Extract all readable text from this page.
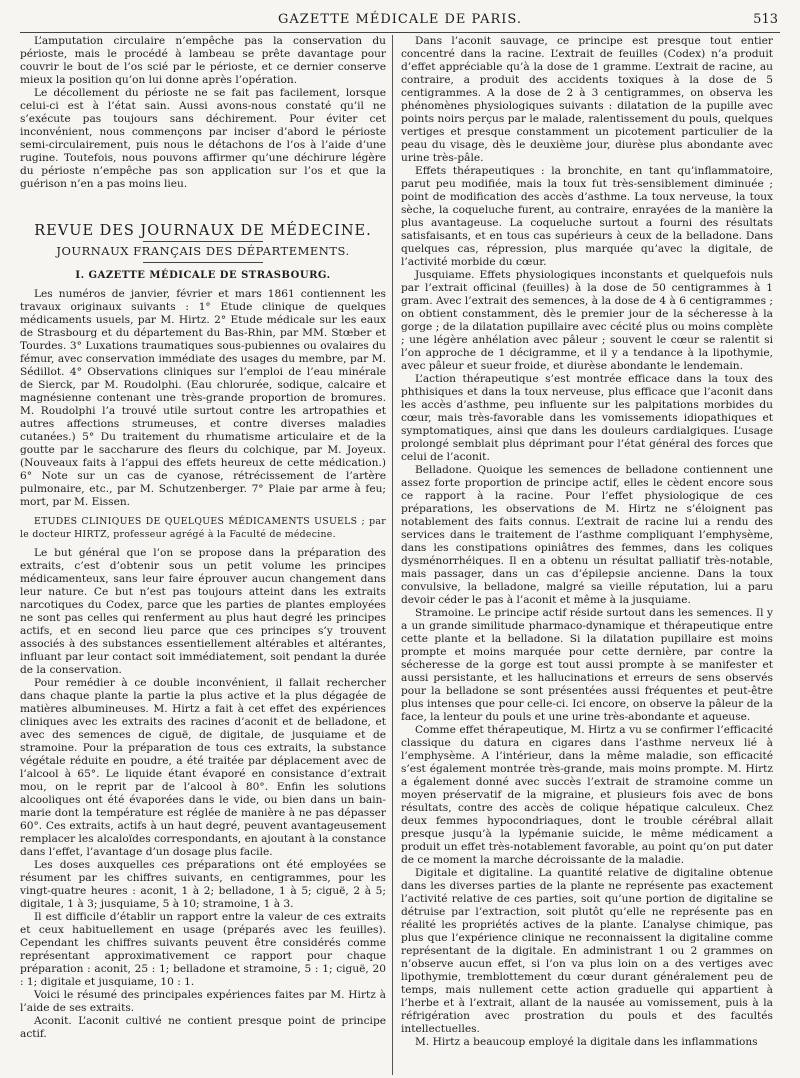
GAZETTE MÉDICALE DE PARIS.	513

L’amputation circulaire n’empêche pas la conservation du périoste, mais le procédé à lambeau se prête davantage pour couvrir le bout de l’os scié par le périoste, et ce dernier conserve mieux la position qu’on lui donne après l’opération.

Le décollement du périoste ne se fait pas facilement, lorsque celui-ci est à l’état sain. Aussi avons-nous constaté qu’il ne s’exécute pas toujours sans déchirement. Pour éviter cet inconvénient, nous commençons par inciser d’abord le périoste semi-circulairement, puis nous le détachons de l’os à l’aide d’une rugine. Toutefois, nous pouvons affirmer qu’une déchirure légère du périoste n’empêche pas son application sur l’os et que la guérison n’en a pas moins lieu.

REVUE DES JOURNAUX DE MÉDECINE.
JOURNAUX FRANÇAIS DES DÉPARTEMENTS.
I. GAZETTE MÉDICALE DE STRASBOURG.

Les numéros de janvier, février et mars 1861 contiennent les travaux originaux suivants : 1° Etude clinique de quelques médicaments usuels, par M. Hirtz. 2° Etude médicale sur les eaux de Strasbourg et du département du Bas-Rhin, par MM. Stœber et Tourdes. 3° Luxations traumatiques sous-pubiennes ou ovalaires du fémur, avec conservation immédiate des usages du membre, par M. Sédillot. 4° Observations cliniques sur l’emploi de l’eau minérale de Sierck, par M. Roudolphi. (Eau chlorurée, sodique, calcaire et magnésienne contenant une très-grande proportion de bromures. M. Roudolphi l’a trouvé utile surtout contre les artropathies et autres affections strumeuses, et contre diverses maladies cutanées.) 5° Du traitement du rhumatisme articulaire et de la goutte par le saccharure des fleurs du colchique, par M. Joyeux. (Nouveaux faits à l’appui des effets heureux de cette médication.) 6° Note sur un cas de cyanose, rétrécissement de l’artère pulmonaire, etc., par M. Schutzenberger. 7° Plaie par arme à feu; mort, par M. Eissen.

ETUDES CLINIQUES DE QUELQUES MÉDICAMENTS USUELS ; par le docteur HIRTZ, professeur agrégé à la Faculté de médecine.

Le but général que l’on se propose dans la préparation des extraits, c’est d’obtenir sous un petit volume les principes médicamenteux, sans leur faire éprouver aucun changement dans leur nature. Ce but n’est pas toujours atteint dans les extraits narcotiques du Codex, parce que les parties de plantes employées ne sont pas celles qui renferment au plus haut degré les principes actifs, et en second lieu parce que ces principes s’y trouvent associés à des substances essentiellement altérables et altérantes, influant par leur contact soit immédiatement, soit pendant la durée de la conservation.

Pour remédier à ce double inconvénient, il fallait rechercher dans chaque plante la partie la plus active et la plus dégagée de matières albumineuses. M. Hirtz a fait à cet effet des expériences cliniques avec les extraits des racines d’aconit et de belladone, et avec des semences de ciguë, de digitale, de jusquiame et de stramoine. Pour la préparation de tous ces extraits, la substance végétale réduite en poudre, a été traitée par déplacement avec de l’alcool à 65°. Le liquide étant évaporé en consistance d’extrait mou, on le reprit par de l’alcool à 80°. Enfin les solutions alcooliques ont été évaporées dans le vide, ou bien dans un bain-marie dont la température est réglée de manière à ne pas dépasser 60°. Ces extraits, actifs à un haut degré, peuvent avantageusement remplacer les alcaloïdes correspondants, en ajoutant à la constance dans l’effet, l’avantage d’un dosage plus facile.

Les doses auxquelles ces préparations ont été employées se résument par les chiffres suivants, en centigrammes, pour les vingt-quatre heures : aconit, 1 à 2; belladone, 1 à 5; ciguë, 2 à 5; digitale, 1 à 3; jusquiame, 5 à 10; stramoine, 1 à 3.

Il est difficile d’établir un rapport entre la valeur de ces extraits et ceux habituellement en usage (préparés avec les feuilles). Cependant les chiffres suivants peuvent être considérés comme représentant approximativement ce rapport pour chaque préparation : aconit, 25 : 1; belladone et stramoine, 5 : 1; ciguë, 20 : 1; digitale et jusquiame, 10 : 1.

Voici le résumé des principales expériences faites par M. Hirtz à l’aide de ses extraits.

Aconit. L’aconit cultivé ne contient presque point de principe actif.

Dans l’aconit sauvage, ce principe est presque tout entier concentré dans la racine. L’extrait de feuilles (Codex) n’a produit d’effet appréciable qu’à la dose de 1 gramme. L’extrait de racine, au contraire, a produit des accidents toxiques à la dose de 5 centigrammes. A la dose de 2 à 3 centigrammes, on observa les phénomènes physiologiques suivants : dilatation de la pupille avec points noirs perçus par le malade, ralentissement du pouls, quelques vertiges et presque constamment un picotement particulier de la peau du visage, dès le deuxième jour, diurèse plus abondante avec urine très-pâle.

Effets thérapeutiques : la bronchite, en tant qu’inflammatoire, parut peu modifiée, mais la toux fut très-sensiblement diminuée ; point de modification des accès d’asthme. La toux nerveuse, la toux sèche, la coqueluche furent, au contraire, enrayées de la manière la plus avantageuse. La coqueluche surtout a fourni des résultats satisfaisants, et en tous cas supérieurs à ceux de la belladone. Dans quelques cas, répression, plus marquée qu’avec la digitale, de l’activité morbide du cœur.

Jusquiame. Effets physiologiques inconstants et quelquefois nuls par l’extrait officinal (feuilles) à la dose de 50 centigrammes à 1 gram. Avec l’extrait des semences, à la dose de 4 à 6 centigrammes ; on obtient constamment, dès le premier jour de la sécheresse à la gorge ; de la dilatation pupillaire avec cécité plus ou moins complète ; une légère anhélation avec pâleur ; souvent le cœur se ralentit si l’on approche de 1 décigramme, et il y a tendance à la lipothymie, avec pâleur et sueur froide, et diurèse abondante le lendemain.

L’action thérapeutique s’est montrée efficace dans la toux des phthisiques et dans la toux nerveuse, plus efficace que l’aconit dans les accès d’asthme, peu influente sur les palpitations morbides du cœur, mais très-favorable dans les vomissements idiopathiques et symptomatiques, ainsi que dans les douleurs cardialgiques. L’usage prolongé semblait plus déprimant pour l’état général des forces que celui de l’aconit.

Belladone. Quoique les semences de belladone contiennent une assez forte proportion de principe actif, elles le cèdent encore sous ce rapport à la racine. Pour l’effet physiologique de ces préparations, les observations de M. Hirtz ne s’éloignent pas notablement des faits connus. L’extrait de racine lui a rendu des services dans le traitement de l’asthme compliquant l’emphysème, dans les constipations opiniâtres des femmes, dans les coliques dysménorrhéiques. Il en a obtenu un résultat palliatif très-notable, mais passager, dans un cas d’épilepsie ancienne. Dans la toux convulsive, la belladone, malgré sa vieille réputation, lui a paru devoir céder le pas à l’aconit et même à la jusquiame.

Stramoine. Le principe actif réside surtout dans les semences. Il y a un grande similitude pharmaco-dynamique et thérapeutique entre cette plante et la belladone. Si la dilatation pupillaire est moins prompte et moins marquée pour cette dernière, par contre la sécheresse de la gorge est tout aussi prompte à se manifester et aussi persistante, et les hallucinations et erreurs de sens observés pour la belladone se sont présentées aussi fréquentes et peut-être plus intenses que pour celle-ci. Ici encore, on observe la pâleur de la face, la lenteur du pouls et une urine très-abondante et aqueuse.

Comme effet thérapeutique, M. Hirtz a vu se confirmer l’efficacité classique du datura en cigares dans l’asthme nerveux lié à l’emphysème. A l’intérieur, dans la même maladie, son efficacité s’est également montrée très-grande, mais moins prompte. M. Hirtz a également donné avec succès l’extrait de stramoine comme un moyen préservatif de la migraine, et plusieurs fois avec de bons résultats, contre des accès de colique hépatique calculeux. Chez deux femmes hypocondriaques, dont le trouble cérébral allait presque jusqu’à la lypémanie suicide, le même médicament a produit un effet très-notablement favorable, au point qu’on put dater de ce moment la marche décroissante de la maladie.

Digitale et digitaline. La quantité relative de digitaline obtenue dans les diverses parties de la plante ne représente pas exactement l’activité relative de ces parties, soit qu’une portion de digitaline se détruise par l’extraction, soit plutôt qu’elle ne représente pas en réalité les propriétés actives de la plante. L’analyse chimique, pas plus que l’expérience clinique ne reconnaissent la digitaline comme représentant de la digitale. En administrant 1 ou 2 grammes on n’observe aucun effet, si l’on va plus loin on a des vertiges avec lipothymie, tremblottement du cœur durant généralement peu de temps, mais nullement cette action graduelle qui appartient à l’herbe et à l’extrait, allant de la nausée au vomissement, puis à la réfrigération avec prostration du pouls et des facultés intellectuelles.

M. Hirtz a beaucoup employé la digitale dans les inflammations
